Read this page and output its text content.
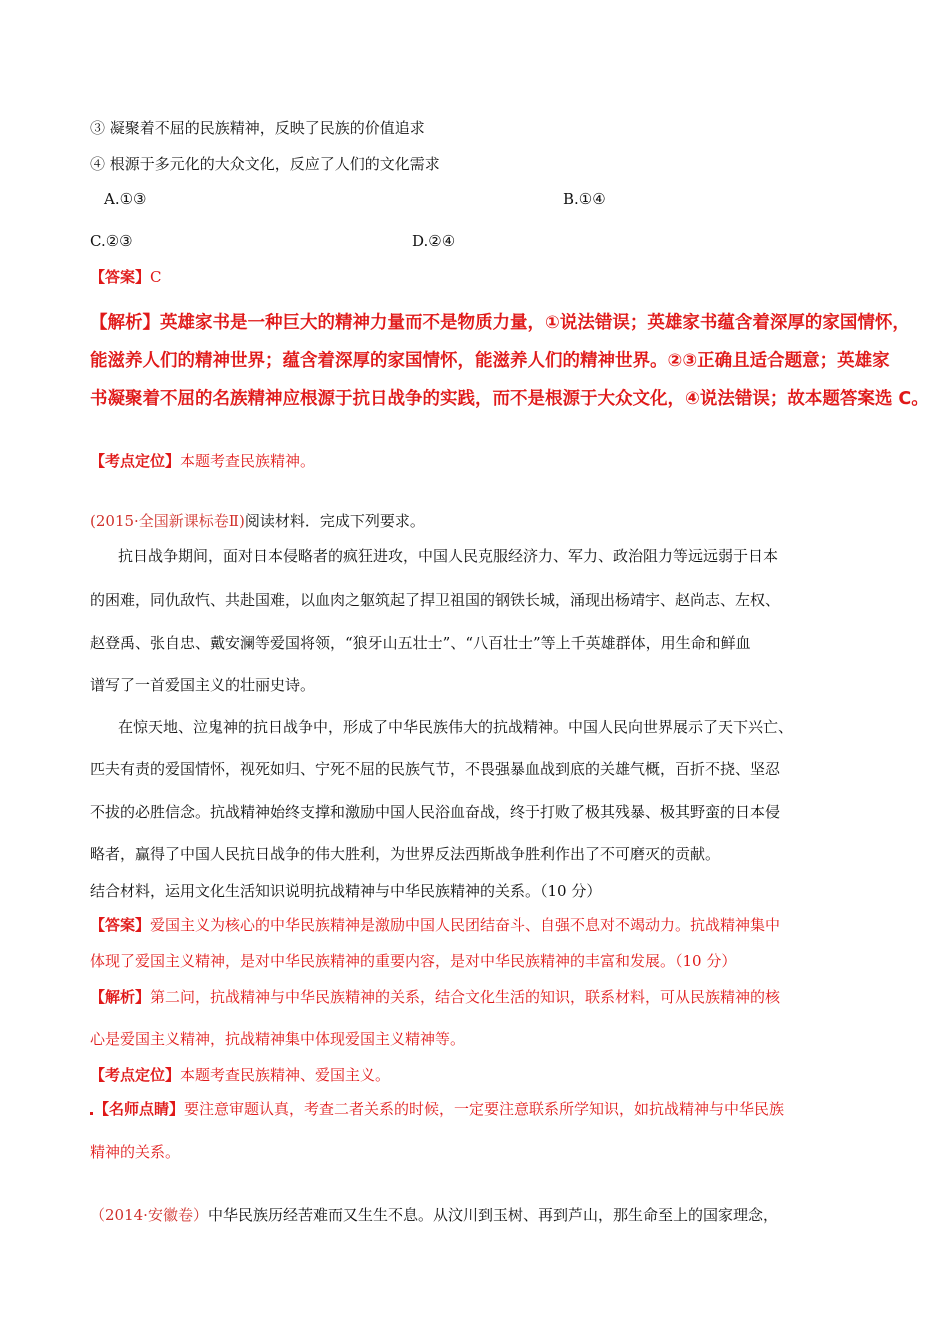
③ 凝聚着不屈的民族精神，反映了民族的价值追求
④ 根源于多元化的大众文化，反应了人们的文化需求
A.①③	B.①④
C.②③	D.②④
【答案】C
【解析】英雄家书是一种巨大的精神力量而不是物质力量，①说法错误；英雄家书蕴含着深厚的家国情怀，
能滋养人们的精神世界；蕴含着深厚的家国情怀，能滋养人们的精神世界。②③正确且适合题意；英雄家
书凝聚着不屈的名族精神应根源于抗日战争的实践，而不是根源于大众文化，④说法错误；故本题答案选 C。
【考点定位】本题考查民族精神。
(2015·全国新课标卷Ⅱ)阅读材料．完成下列要求。
抗日战争期间，面对日本侵略者的疯狂进攻，中国人民克服经济力、军力、政治阻力等远远弱于日本
的困难，同仇敌忾、共赴国难，以血肉之躯筑起了捍卫祖国的钢铁长城，涌现出杨靖宇、赵尚志、左权、
赵登禹、张自忠、戴安澜等爱国将领，“狼牙山五壮士”、“八百壮士”等上千英雄群体，用生命和鲜血
谱写了一首爱国主义的壮丽史诗。
在惊天地、泣鬼神的抗日战争中，形成了中华民族伟大的抗战精神。中国人民向世界展示了天下兴亡、
匹夫有责的爱国情怀，视死如归、宁死不屈的民族气节，不畏强暴血战到底的关雄气概，百折不挠、坚忍
不拔的必胜信念。抗战精神始终支撑和激励中国人民浴血奋战，终于打败了极其残暴、极其野蛮的日本侵
略者，赢得了中国人民抗日战争的伟大胜利，为世界反法西斯战争胜利作出了不可磨灭的贡献。
结合材料，运用文化生活知识说明抗战精神与中华民族精神的关系。（10 分）
【答案】爱国主义为核心的中华民族精神是激励中国人民团结奋斗、自强不息对不竭动力。抗战精神集中
体现了爱国主义精神，是对中华民族精神的重要内容，是对中华民族精神的丰富和发展。（10 分）
【解析】第二问，抗战精神与中华民族精神的关系，结合文化生活的知识，联系材料，可从民族精神的核
心是爱国主义精神，抗战精神集中体现爱国主义精神等。
【考点定位】本题考查民族精神、爱国主义。
【名师点睛】要注意审题认真，考查二者关系的时候，一定要注意联系所学知识，如抗战精神与中华民族
精神的关系。
（2014·安徽卷）中华民族历经苦难而又生生不息。从汶川到玉树、再到芦山，那生命至上的国家理念，
